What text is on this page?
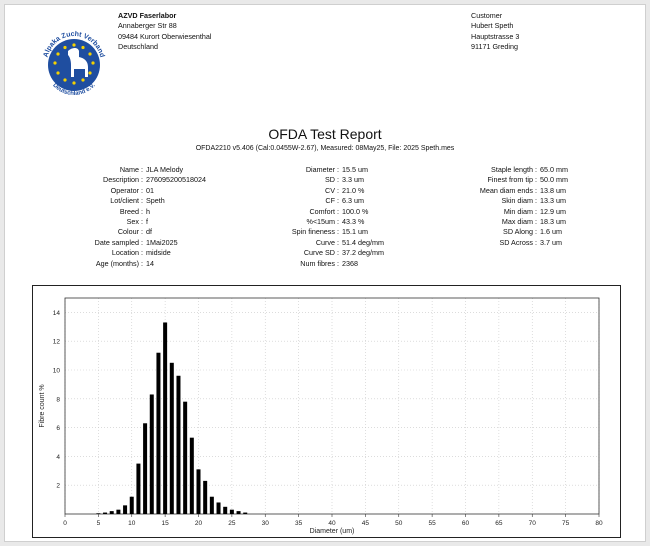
Alpaka Zucht Verband
Deutschland e.V.
AZVD Faserlabor
Annaberger Str 88
09484 Kurort Oberwiesenthal
Deutschland
Customer
Hubert Speth
Hauptstrasse 3
91171 Greding
OFDA Test Report
OFDA2210 v5.406 (Cal:0.0455W-2.67), Measured: 08May25, File: 2025 Speth.mes
Name : JLA Melody
Description : 276095200518024
Operator : 01
Lot/client : Speth
Breed : h
Sex : f
Colour : df
Date sampled : 1Mai2025
Location : midside
Age (months) : 14
Diameter : 15.5 um
SD : 3.3 um
CV : 21.0 %
CF : 6.3 um
Comfort : 100.0 %
%<15um : 43.3 %
Spin fineness : 15.1 um
Curve : 51.4 deg/mm
Curve SD : 37.2 deg/mm
Num fibres : 2368
Staple length : 65.0 mm
Finest from tip : 50.0 mm
Mean diam ends : 13.8 um
Skin diam : 13.3 um
Min diam : 12.9 um
Max diam : 18.3 um
SD Along : 1.6 um
SD Across : 3.7 um
0	5	10	15	20	25	30	35	40	45	50	55	60	65	70	75	80
2
4
6
8
10
12
14
Diameter (um)
Fibre count %
